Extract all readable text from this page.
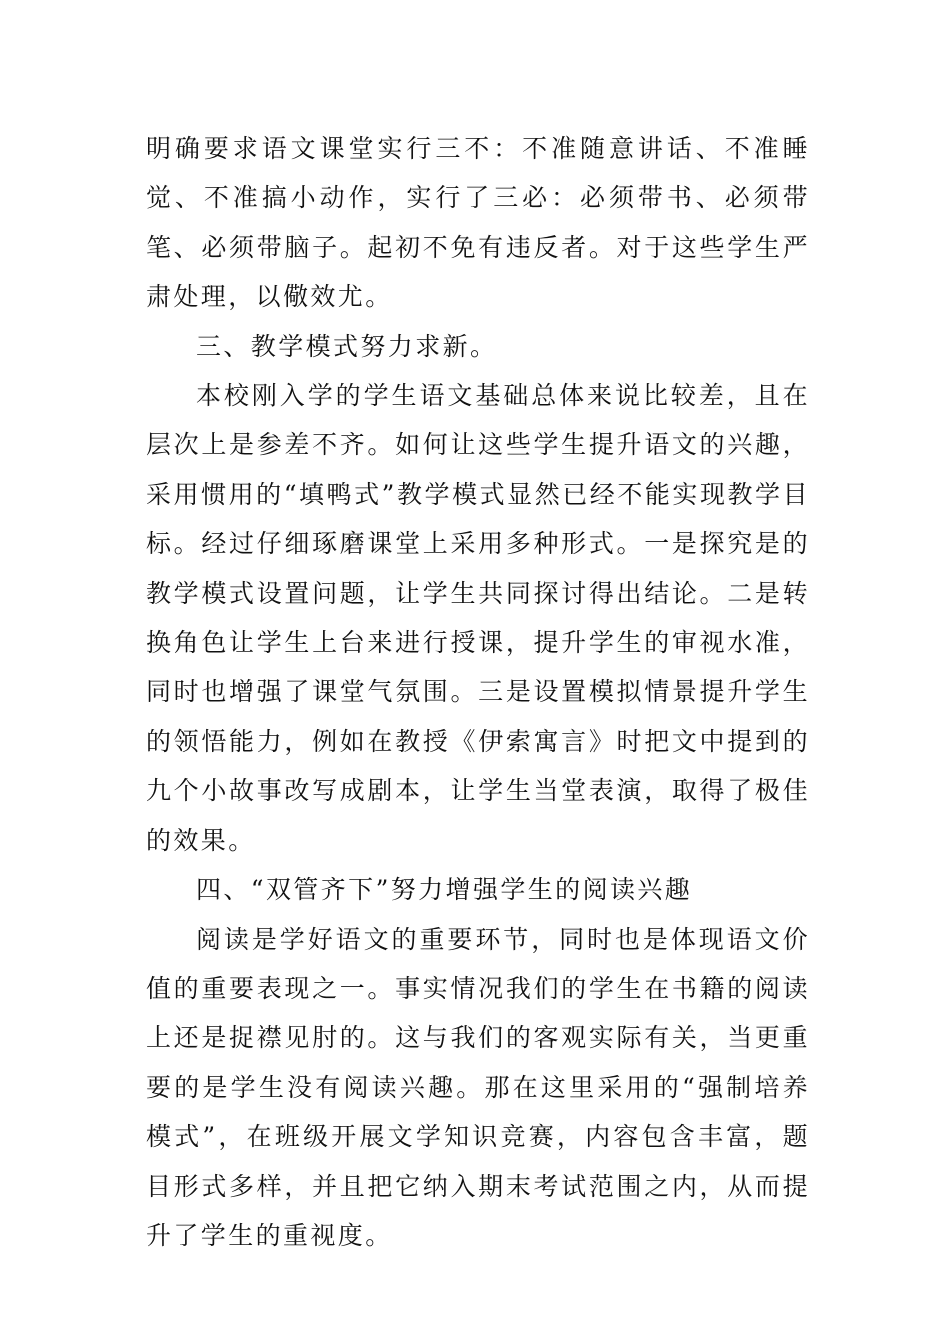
明确要求语文课堂实行三不：不准随意讲话、不准睡觉、不准搞小动作，实行了三必：必须带书、必须带笔、必须带脑子。起初不免有违反者。对于这些学生严肃处理，以儆效尤。

三、教学模式努力求新。

本校刚入学的学生语文基础总体来说比较差，且在层次上是参差不齐。如何让这些学生提升语文的兴趣，采用惯用的“填鸭式”教学模式显然已经不能实现教学目标。经过仔细琢磨课堂上采用多种形式。一是探究是的教学模式设置问题，让学生共同探讨得出结论。二是转换角色让学生上台来进行授课，提升学生的审视水准，同时也增强了课堂气氛围。三是设置模拟情景提升学生的领悟能力，例如在教授《伊索寓言》时把文中提到的九个小故事改写成剧本，让学生当堂表演，取得了极佳的效果。

四、“双管齐下”努力增强学生的阅读兴趣

阅读是学好语文的重要环节，同时也是体现语文价值的重要表现之一。事实情况我们的学生在书籍的阅读上还是捉襟见肘的。这与我们的客观实际有关，当更重要的是学生没有阅读兴趣。那在这里采用的“强制培养模式”，在班级开展文学知识竞赛，内容包含丰富，题目形式多样，并且把它纳入期末考试范围之内，从而提升了学生的重视度。
